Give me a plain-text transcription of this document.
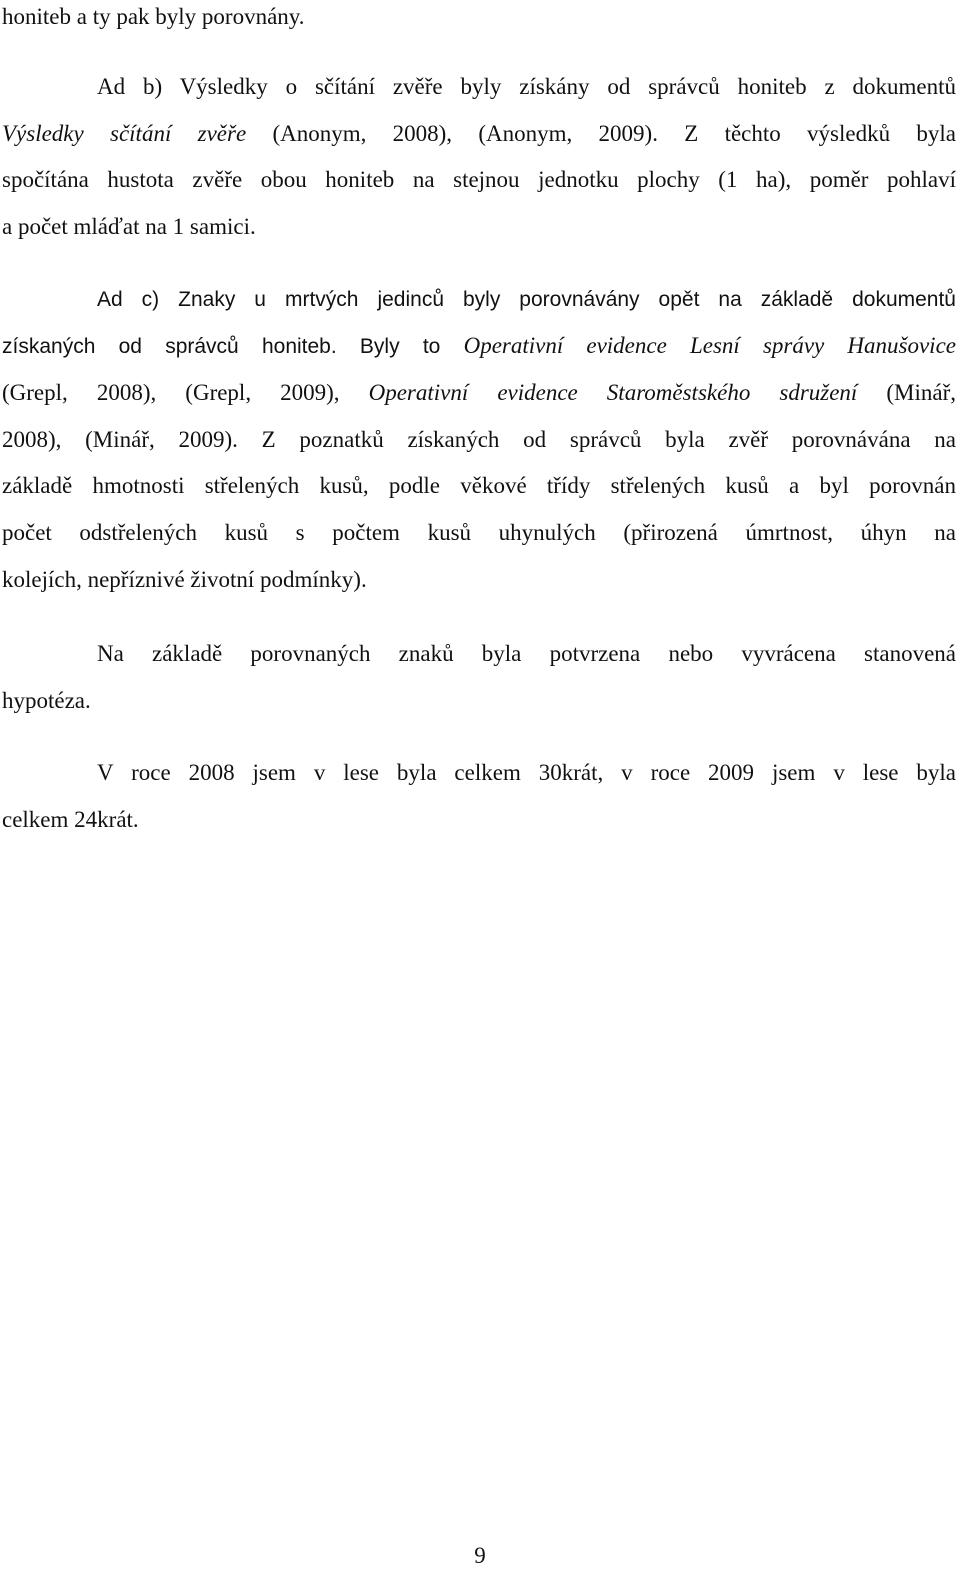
honiteb a ty pak byly porovnány.
Ad b) Výsledky o sčítání zvěře byly získány od správců honiteb z dokumentů
Výsledky sčítání zvěře (Anonym, 2008), (Anonym, 2009). Z těchto výsledků byla
spočítána hustota zvěře obou honiteb na stejnou jednotku plochy (1 ha), poměr pohlaví
a počet mláďat na 1 samici.
Ad c) Znaky u mrtvých jedinců byly porovnávány opět na základě dokumentů
získaných od správců honiteb. Byly to Operativní evidence Lesní správy Hanušovice
(Grepl, 2008), (Grepl, 2009), Operativní evidence Staroměstského sdružení (Minář,
2008), (Minář, 2009). Z poznatků získaných od správců byla zvěř porovnávána na
základě hmotnosti střelených kusů, podle věkové třídy střelených kusů a byl porovnán
počet odstřelených kusů s počtem kusů uhynulých (přirozená úmrtnost, úhyn na
kolejích, nepříznivé životní podmínky).
Na základě porovnaných znaků byla potvrzena nebo vyvrácena stanovená
hypotéza.
V roce 2008 jsem v lese byla celkem 30krát, v roce 2009 jsem v lese byla
celkem 24krát.
9
